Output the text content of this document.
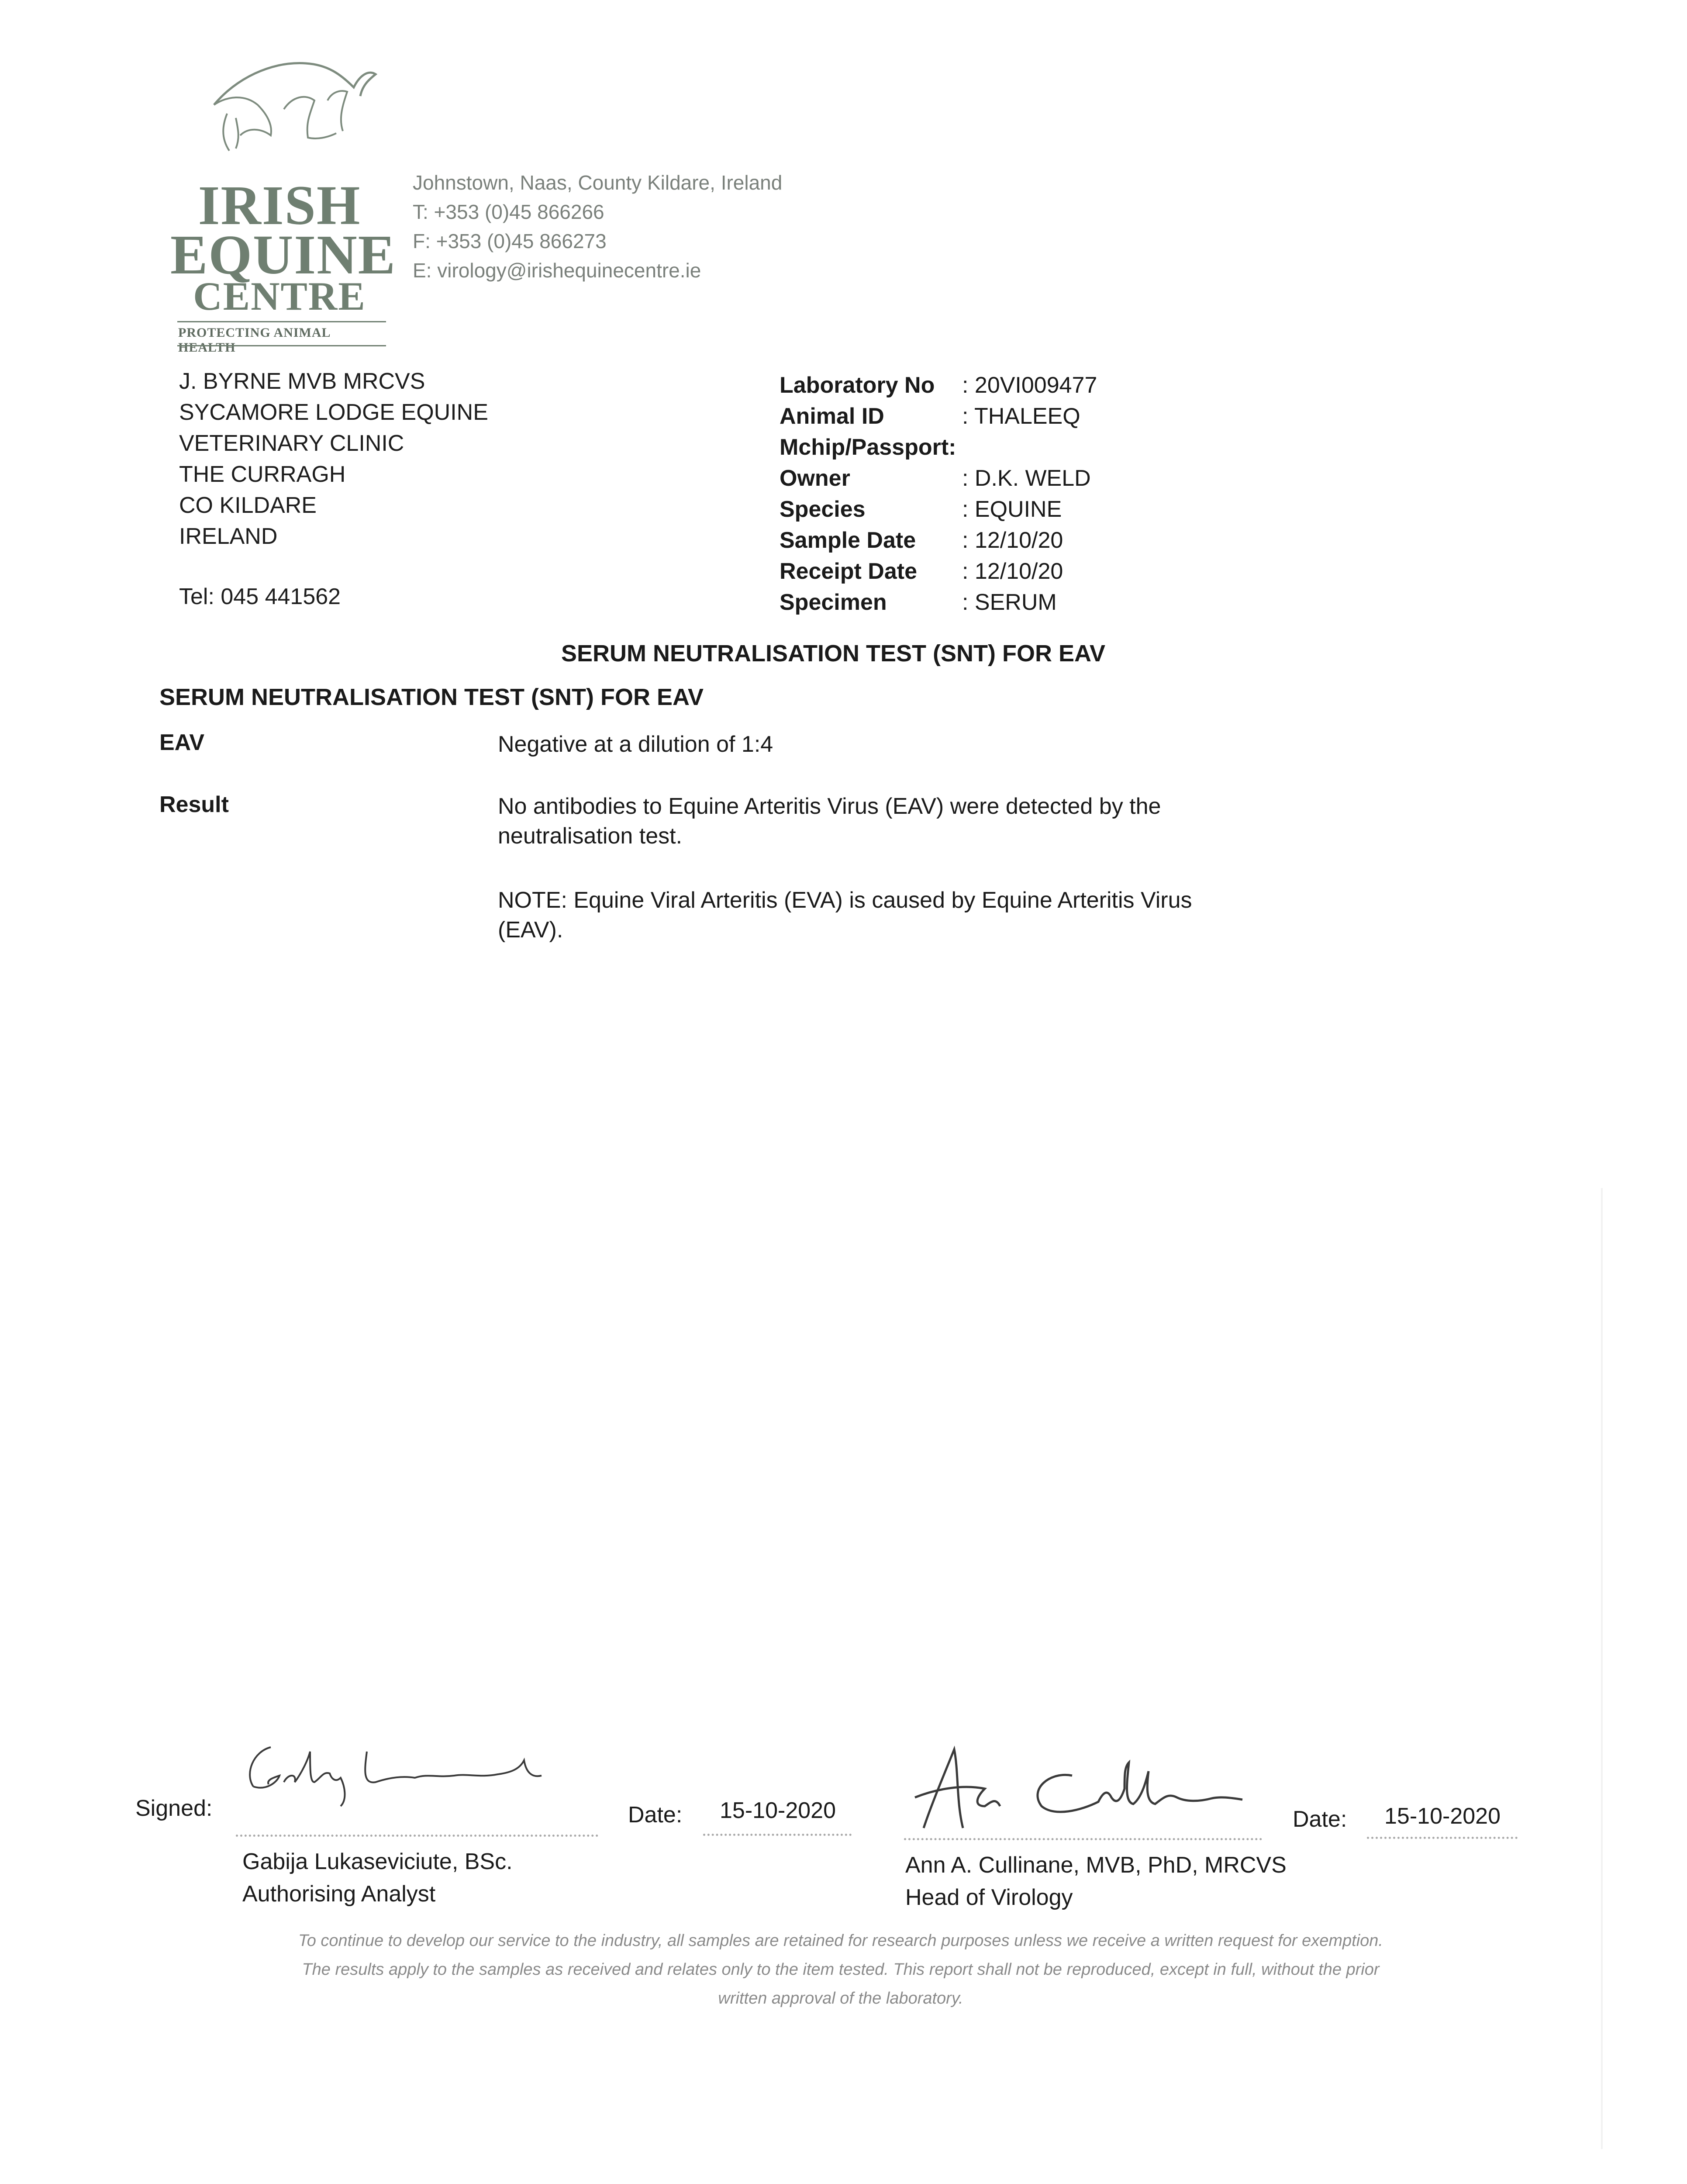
IRISH
EQUINE
CENTRE
PROTECTING ANIMAL HEALTH
Johnstown, Naas, County Kildare, Ireland
T: +353 (0)45 866266
F: +353 (0)45 866273
E: virology@irishequinecentre.ie
J. BYRNE MVB MRCVS
SYCAMORE LODGE EQUINE
VETERINARY CLINIC
THE CURRAGH
CO KILDARE
IRELAND
Tel: 045 441562
Laboratory No : 20VI009477
Animal ID	: THALEEQ
Mchip/Passport:
Owner	: D.K. WELD
Species	: EQUINE
Sample Date : 12/10/20
Receipt Date : 12/10/20
Specimen	: SERUM
SERUM NEUTRALISATION TEST (SNT) FOR EAV
SERUM NEUTRALISATION TEST (SNT) FOR EAV
EAV	Negative at a dilution of 1:4
Result	No antibodies to Equine Arteritis Virus (EAV) were detected by the neutralisation test.
NOTE: Equine Viral Arteritis (EVA) is caused by Equine Arteritis Virus (EAV).
Signed:
Gabija Lukaseviciute, BSc.
Authorising Analyst
Date: 15-10-2020
Ann A. Cullinane, MVB, PhD, MRCVS
Head of Virology
Date: 15-10-2020
To continue to develop our service to the industry, all samples are retained for research purposes unless we receive a written request for exemption.
The results apply to the samples as received and relates only to the item tested. This report shall not be reproduced, except in full, without the prior
written approval of the laboratory.
